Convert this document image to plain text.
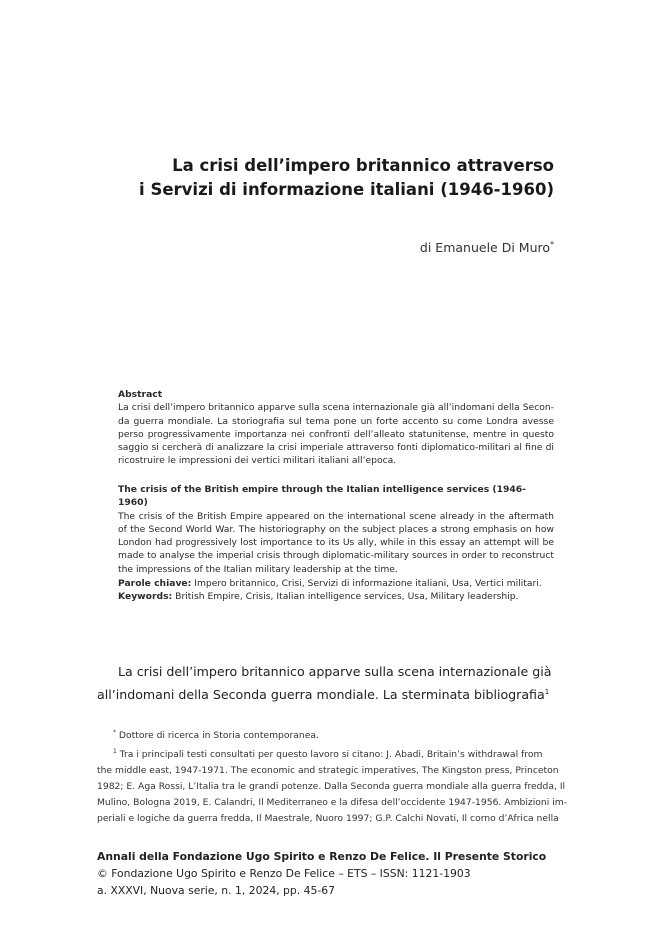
La crisi dell’impero britannico attraverso
i Servizi di informazione italiani (1946-1960)
di Emanuele Di Muro*
Abstract
La crisi dell’impero britannico apparve sulla scena internazionale già all’indomani della Secon-
da guerra mondiale. La storiografia sul tema pone un forte accento su come Londra avesse
perso progressivamente importanza nei confronti dell’alleato statunitense, mentre in questo
saggio si cercherà di analizzare la crisi imperiale attraverso fonti diplomatico-militari al fine di
ricostruire le impressioni dei vertici militari italiani all’epoca.
The crisis of the British empire through the Italian intelligence services (1946-1960)
The crisis of the British Empire appeared on the international scene already in the aftermath
of the Second World War. The historiography on the subject places a strong emphasis on how
London had progressively lost importance to its Us ally, while in this essay an attempt will be
made to analyse the imperial crisis through diplomatic-military sources in order to reconstruct
the impressions of the Italian military leadership at the time.
Parole chiave: Impero britannico, Crisi, Servizi di informazione italiani, Usa, Vertici militari.
Keywords: British Empire, Crisis, Italian intelligence services, Usa, Military leadership.
La crisi dell’impero britannico apparve sulla scena internazionale già
all’indomani della Seconda guerra mondiale. La sterminata bibliografia$^1$
* Dottore di ricerca in Storia contemporanea.
$^1$ Tra i principali testi consultati per questo lavoro si citano: J. Abadi, Britain’s withdrawal from
the middle east, 1947-1971. The economic and strategic imperatives, The Kingston press, Princeton
1982; E. Aga Rossi, L’Italia tra le grandi potenze. Dalla Seconda guerra mondiale alla guerra fredda, Il
Mulino, Bologna 2019, E. Calandri, Il Mediterraneo e la difesa dell’occidente 1947-1956. Ambizioni im-
periali e logiche da guerra fredda, Il Maestrale, Nuoro 1997; G.P. Calchi Novati, Il corno d’Africa nella
Annali della Fondazione Ugo Spirito e Renzo De Felice. Il Presente Storico
© Fondazione Ugo Spirito e Renzo De Felice – ETS – ISSN: 1121-1903
a. XXXVI, Nuova serie, n. 1, 2024, pp. 45-67
